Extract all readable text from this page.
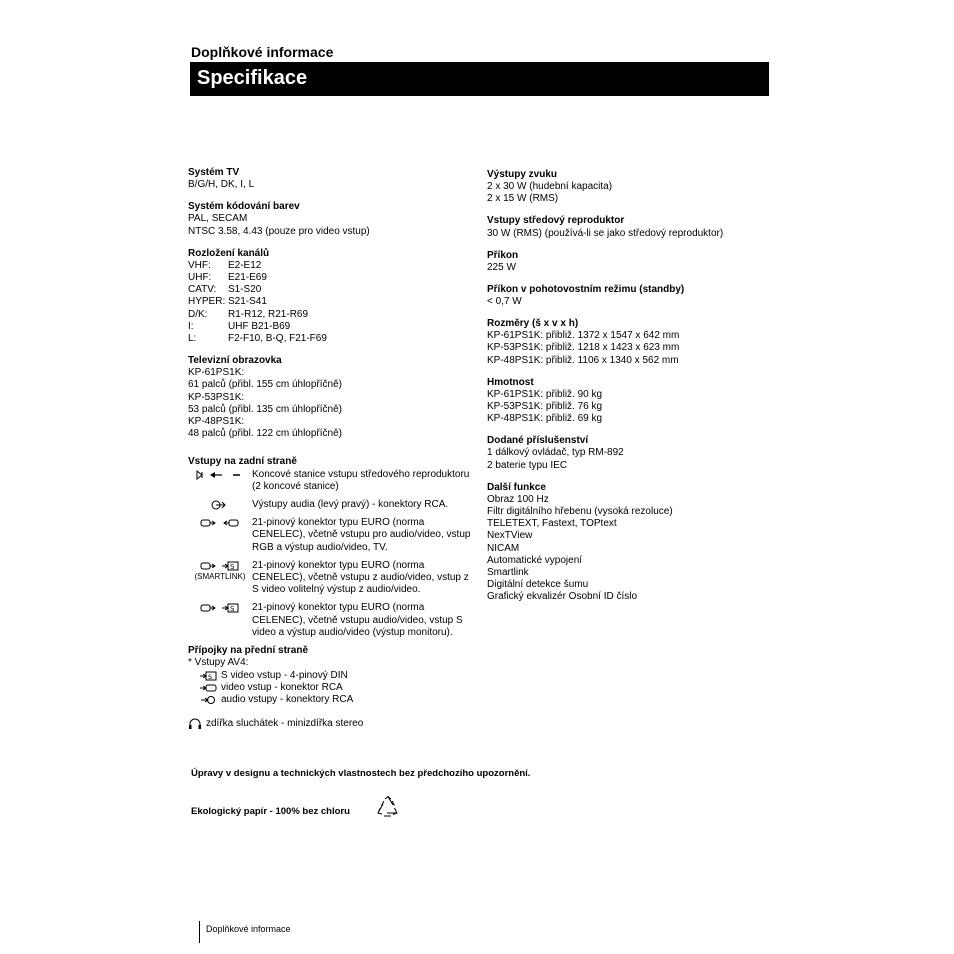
Doplňkové informace
Specifikace
Systém TV
B/G/H, DK, I, L
Systém kódování barev
PAL, SECAM
NTSC 3.58, 4.43 (pouze pro video vstup)
Rozložení kanálů
VHF:	E2-E12
UHF:	E21-E69
CATV:	S1-S20
HYPER: S21-S41
D/K:	R1-R12, R21-R69
I:	UHF B21-B69
L:	F2-F10, B-Q, F21-F69
Televizní obrazovka
KP-61PS1K:
61 palců (přibl. 155 cm úhlopříčně)
KP-53PS1K:
53 palců (přibl. 135 cm úhlopříčně)
KP-48PS1K:
48 palců (přibl. 122 cm úhlopříčně)
Vstupy na zadní straně
Koncové stanice vstupu středového reproduktoru (2 koncové stanice)
Výstupy audia (levý pravý) - konektory RCA.
21-pinový konektor typu EURO (norma CENELEC), včetně vstupu pro audio/video, vstup RGB a výstup audio/video, TV.
S
(SMARTLINK)
21-pinový konektor typu EURO (norma CENELEC), včetně vstupu z audio/video, vstup z S video volitelný výstup z audio/video.
S 21-pinový konektor typu EURO (norma CELENEC), včetně vstupu audio/video, vstup S video a výstup audio/video (výstup monitoru).
Přípojky na přední straně
* Vstupy AV4:
S S video vstup - 4-pinový DIN
video vstup - konektor RCA
audio vstupy - konektory RCA
zdířka sluchátek - minizdířka stereo
Výstupy zvuku
2 x 30 W (hudební kapacita)
2 x 15 W (RMS)
Vstupy středový reproduktor
30 W (RMS) (používá-li se jako středový reproduktor)
Příkon
225 W
Příkon v pohotovostním režimu (standby)
< 0,7 W
Rozměry (š x v x h)
KP-61PS1K: přibliž. 1372 x 1547 x 642 mm
KP-53PS1K: přibliž. 1218 x 1423 x 623 mm
KP-48PS1K: přibliž. 1106 x 1340 x 562 mm
Hmotnost
KP-61PS1K: přibliž. 90 kg
KP-53PS1K: přibliž. 76 kg
KP-48PS1K: přibliž. 69 kg
Dodané příslušenství
1 dálkový ovládač, typ RM-892
2 baterie typu IEC
Další funkce
Obraz 100 Hz
Filtr digitálního hřebenu (vysoká rezoluce)
TELETEXT, Fastext, TOPtext
NexTView
NICAM
Automatické vypojení
Smartlink
Digitální detekce šumu
Grafický ekvalizér Osobní ID číslo
Úpravy v designu a technických vlastnostech bez předchozího upozornění.
Ekologický papír - 100% bez chloru
Doplňkové informace
